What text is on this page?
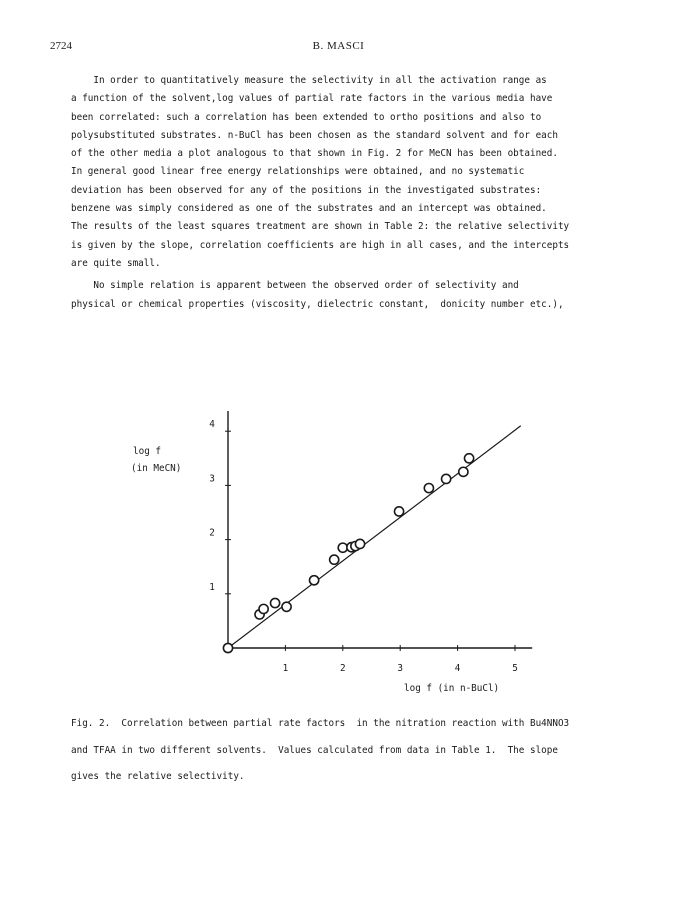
2724	B. MASCI

In order to quantitatively measure the selectivity in all the activation range as

a function of the solvent,log values of partial rate factors in the various media have

been correlated: such a correlation has been extended to ortho positions and also to

polysubstituted substrates. n-BuCl has been chosen as the standard solvent and for each

of the other media a plot analogous to that shown in Fig. 2 for MeCN has been obtained.

In general good linear free energy relationships were obtained, and no systematic

deviation has been observed for any of the positions in the investigated substrates:

benzene was simply considered as one of the substrates and an intercept was obtained.

The results of the least squares treatment are shown in Table 2: the relative selectivity

is given by the slope, correlation coefficients are high in all cases, and the intercepts

are quite small.

No simple relation is apparent between the observed order of selectivity and

physical or chemical properties (viscosity, dielectric constant,  donicity number etc.),

1	2	3	4	5
1
2
3
4
log f
(in MeCN)
log f (in n-BuCl)

Fig. 2.  Correlation between partial rate factors  in the nitration reaction with Bu4NNO3

and TFAA in two different solvents.  Values calculated from data in Table 1.  The slope

gives the relative selectivity.
